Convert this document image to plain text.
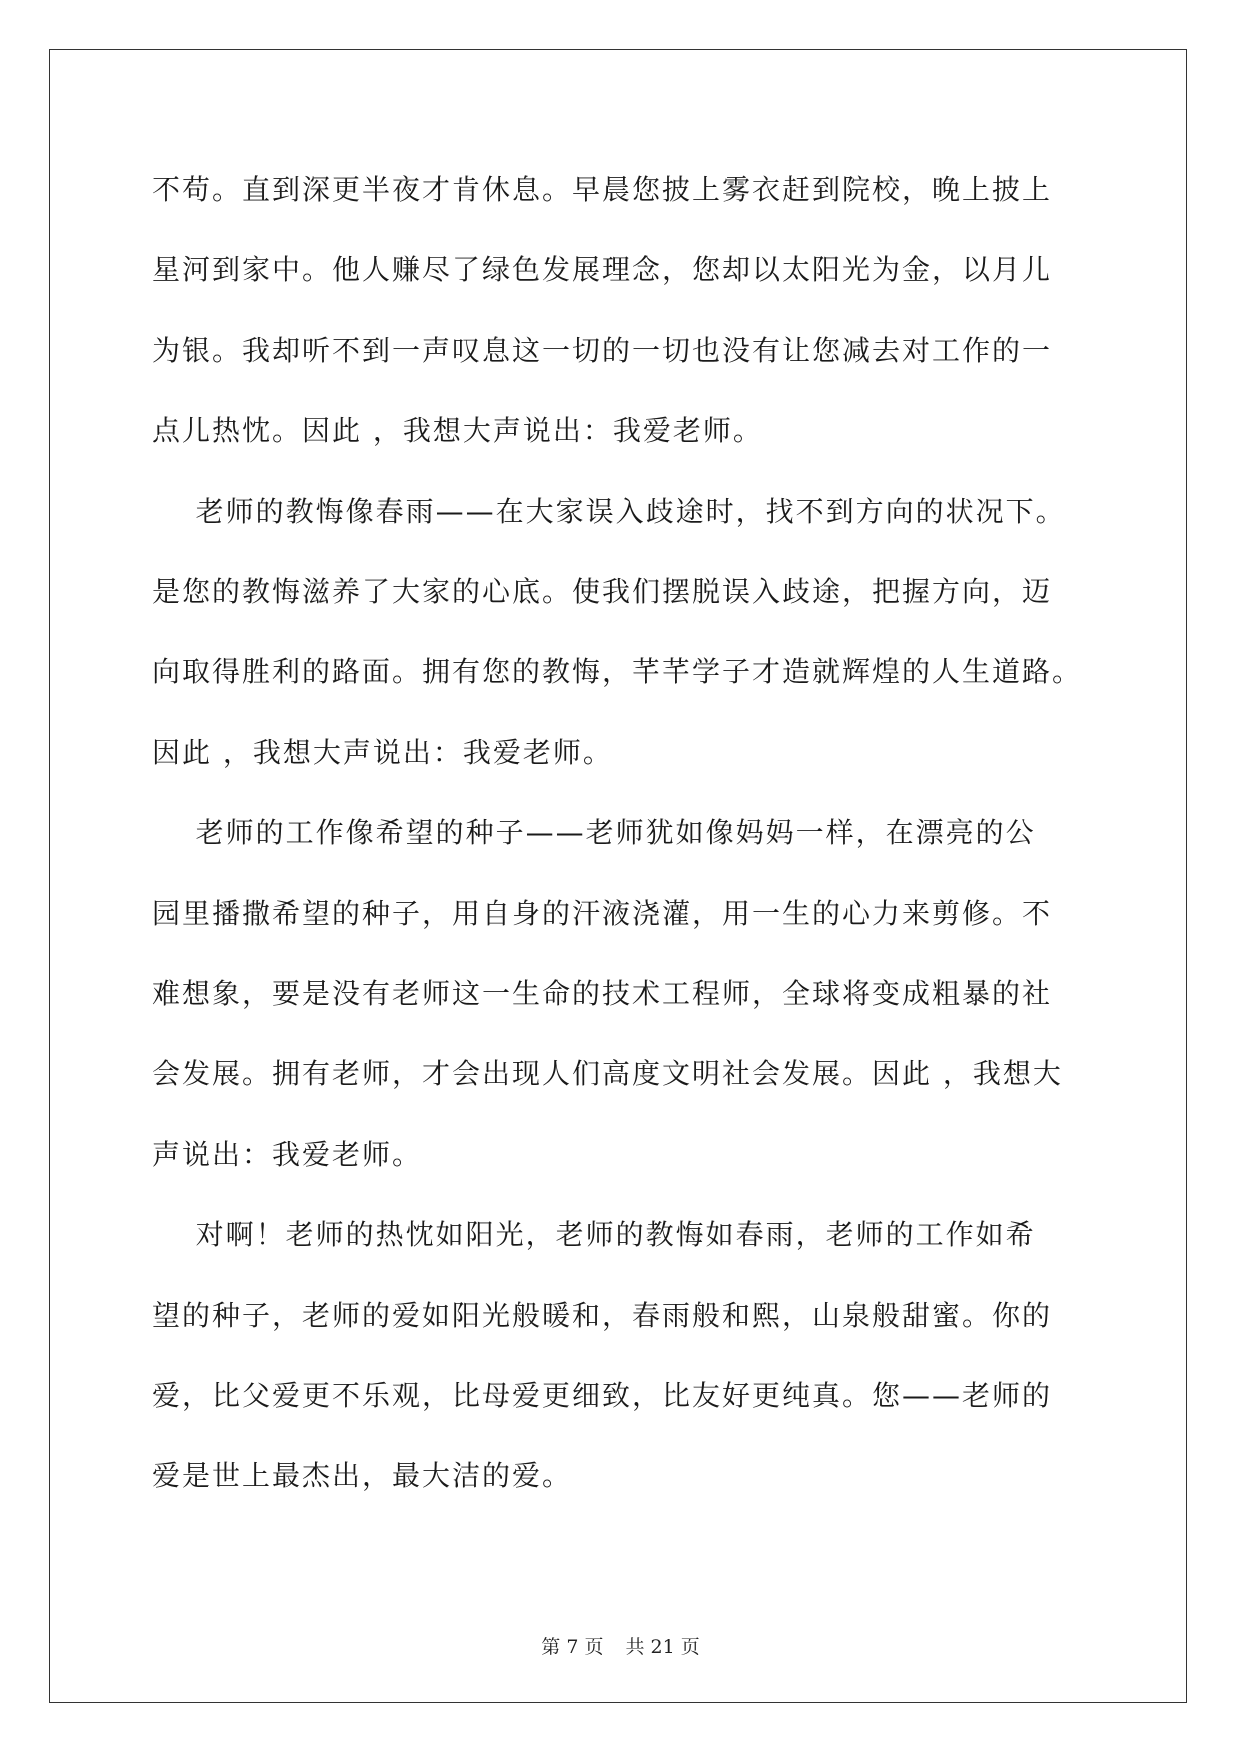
不苟。直到深更半夜才肯休息。早晨您披上雾衣赶到院校，晚上披上
星河到家中。他人赚尽了绿色发展理念，您却以太阳光为金，以月儿
为银。我却听不到一声叹息这一切的一切也没有让您减去对工作的一
点儿热忱。因此 ，我想大声说出：我爱老师。
老师的教悔像春雨——在大家误入歧途时，找不到方向的状况下。
是您的教悔滋养了大家的心底。使我们摆脱误入歧途，把握方向，迈
向取得胜利的路面。拥有您的教悔，芊芊学子才造就辉煌的人生道路。
因此 ，我想大声说出：我爱老师。
老师的工作像希望的种子——老师犹如像妈妈一样，在漂亮的公
园里播撒希望的种子，用自身的汗液浇灌，用一生的心力来剪修。不
难想象，要是没有老师这一生命的技术工程师，全球将变成粗暴的社
会发展。拥有老师，才会出现人们高度文明社会发展。因此 ，我想大
声说出：我爱老师。
对啊！老师的热忱如阳光，老师的教悔如春雨，老师的工作如希
望的种子，老师的爱如阳光般暖和，春雨般和熙，山泉般甜蜜。你的
爱，比父爱更不乐观，比母爱更细致，比友好更纯真。您——老师的
爱是世上最杰出，最大洁的爱。
第 7 页 共 21 页
